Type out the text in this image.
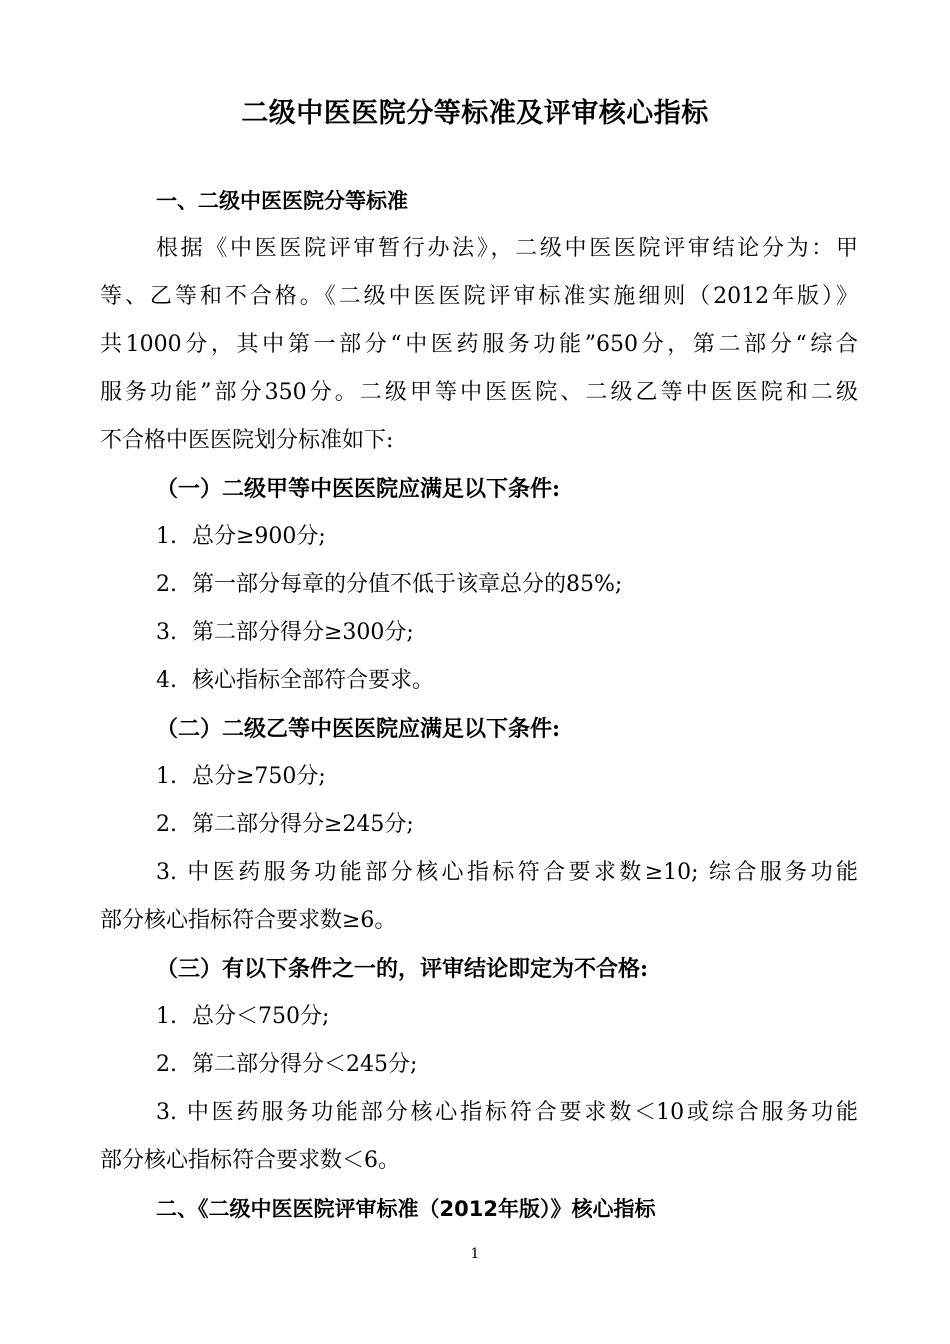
二级中医医院分等标准及评审核心指标
一、二级中医医院分等标准
根据《中医医院评审暂行办法》，二级中医医院评审结论分为：甲
等、乙等和不合格。《二级中医医院评审标准实施细则（2012年版）》
共1000分，其中第一部分“中医药服务功能”650分，第二部分“综合
服务功能”部分350分。二级甲等中医医院、二级乙等中医医院和二级
不合格中医医院划分标准如下:
（一）二级甲等中医医院应满足以下条件:
1. 总分≥900分;
2. 第一部分每章的分值不低于该章总分的85%;
3. 第二部分得分≥300分;
4. 核心指标全部符合要求。
（二）二级乙等中医医院应满足以下条件:
1. 总分≥750分;
2. 第二部分得分≥245分;
3. 中医药服务功能部分核心指标符合要求数≥10; 综合服务功能
部分核心指标符合要求数≥6。
（三）有以下条件之一的，评审结论即定为不合格:
1. 总分＜750分;
2. 第二部分得分＜245分;
3. 中医药服务功能部分核心指标符合要求数＜10或综合服务功能
部分核心指标符合要求数＜6。
二、《二级中医医院评审标准（2012年版）》核心指标
1
